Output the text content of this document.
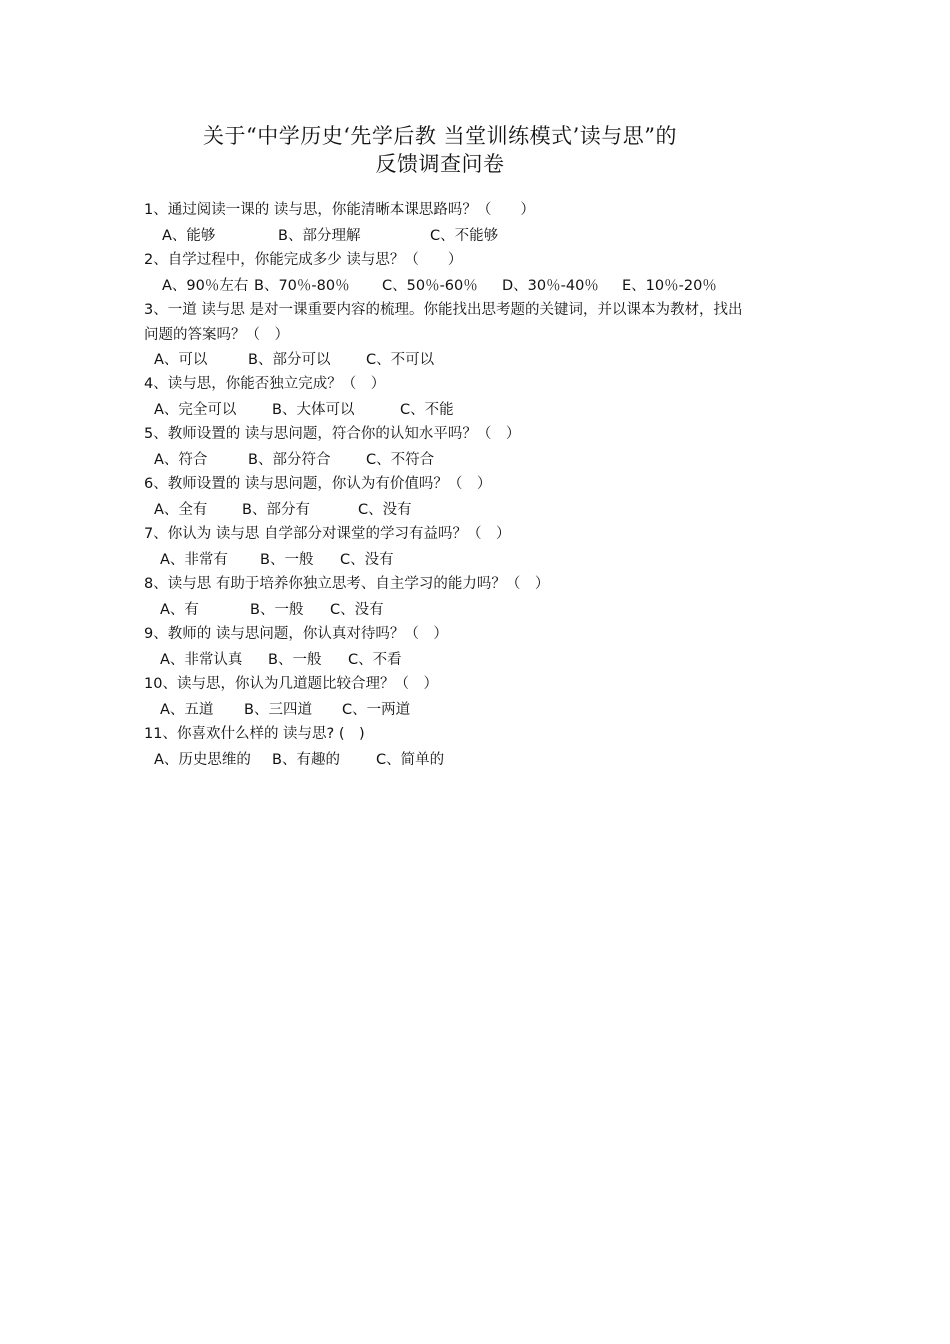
关于“中学历史‘先学后教 当堂训练模式’读与思”的
反馈调查问卷
1、通过阅读一课的 读与思，你能清晰本课思路吗？（　　）
A、能够	B、部分理解	C、不能够
2、自学过程中，你能完成多少 读与思？（　　）
A、90％左右 B、70％-80％ C、50％-60％ D、30％-40％ E、10％-20％
3、一道 读与思 是对一课重要内容的梳理。你能找出思考题的关键词，并以课本为教材，找出
问题的答案吗？（　）
A、可以	B、部分可以 C、不可以
4、读与思，你能否独立完成？（　）
A、完全可以 B、大体可以	C、不能
5、教师设置的 读与思问题，符合你的认知水平吗？（　）
A、符合	B、部分符合 C、不符合
6、教师设置的 读与思问题，你认为有价值吗？（　）
A、全有 B、部分有	C、没有
7、你认为 读与思 自学部分对课堂的学习有益吗？（　）
A、非常有 B、一般 C、没有
8、读与思 有助于培养你独立思考、自主学习的能力吗？（　）
A、有	B、一般 C、没有
9、教师的 读与思问题，你认真对待吗？（　）
A、非常认真 B、一般 C、不看
10、读与思，你认为几道题比较合理？（　）
A、五道 B、三四道 C、一两道
11、你喜欢什么样的 读与思? (　)
A、历史思维的 B、有趣的 C、简单的
